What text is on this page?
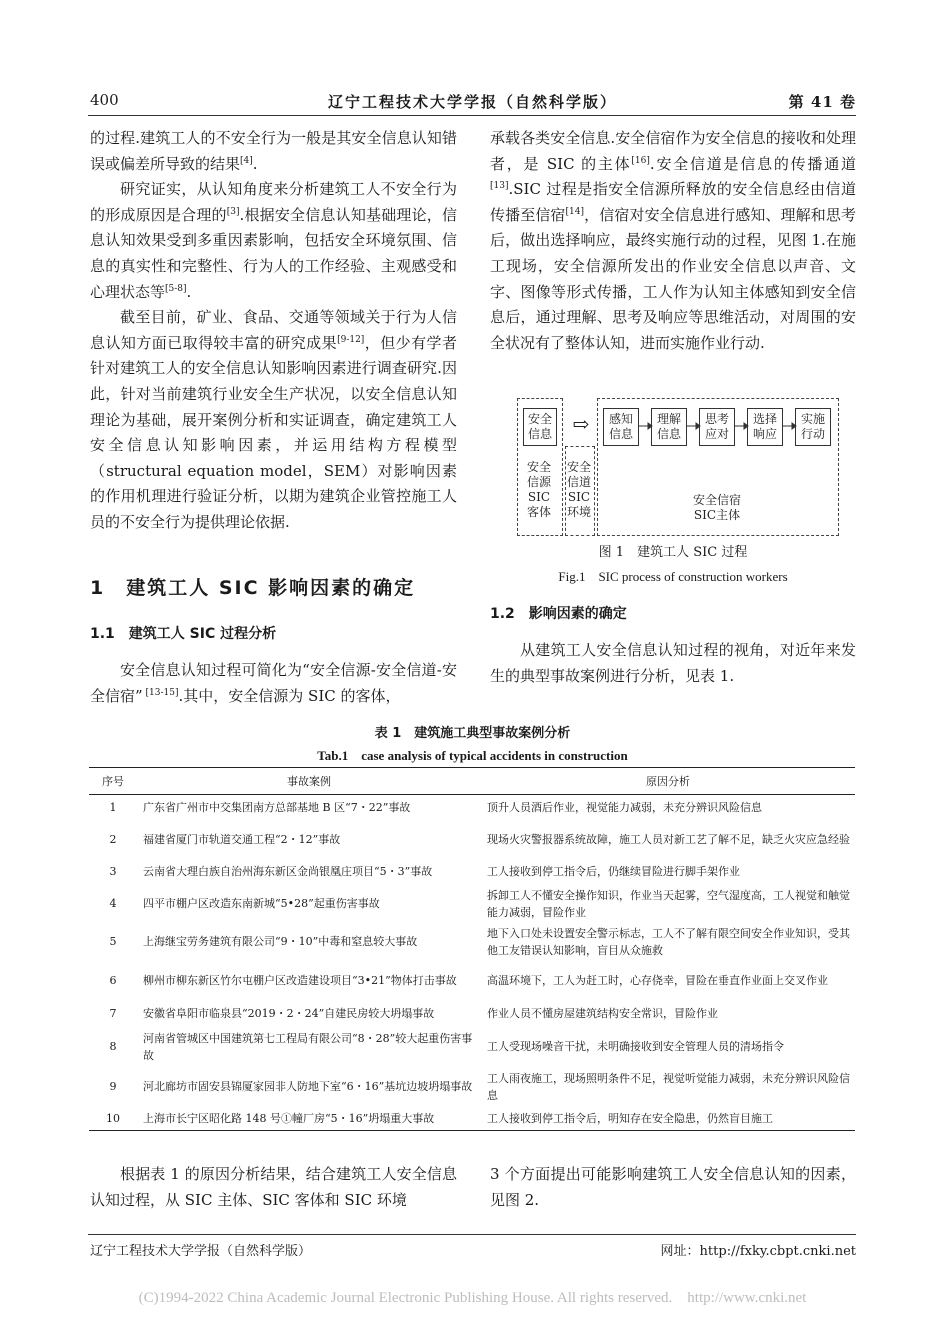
400	辽宁工程技术大学学报（自然科学版）	第 41 卷

的过程.建筑工人的不安全行为一般是其安全信息认知错误或偏差所导致的结果[4].

研究证实，从认知角度来分析建筑工人不安全行为的形成原因是合理的[3].根据安全信息认知基础理论，信息认知效果受到多重因素影响，包括安全环境氛围、信息的真实性和完整性、行为人的工作经验、主观感受和心理状态等[5-8].

截至目前，矿业、食品、交通等领域关于行为人信息认知方面已取得较丰富的研究成果[9-12]，但少有学者针对建筑工人的安全信息认知影响因素进行调查研究.因此，针对当前建筑行业安全生产状况，以安全信息认知理论为基础，展开案例分析和实证调查，确定建筑工人安全信息认知影响因素，并运用结构方程模型（structural equation model，SEM）对影响因素的作用机理进行验证分析，以期为建筑企业管控施工人员的不安全行为提供理论依据.

1　建筑工人 SIC 影响因素的确定
1.1　建筑工人 SIC 过程分析

安全信息认知过程可简化为“安全信源-安全信道-安全信宿” [13-15].其中，安全信源为 SIC 的客体，

承载各类安全信息.安全信宿作为安全信息的接收和处理者，是 SIC 的主体[16].安全信道是信息的传播通道[13].SIC 过程是指安全信源所释放的安全信息经由信道传播至信宿[14]，信宿对安全信息进行感知、理解和思考后，做出选择响应，最终实施行动的过程，见图 1.在施工现场，安全信源所发出的作业安全信息以声音、文字、图像等形式传播，工人作为认知主体感知到安全信息后，通过理解、思考及响应等思维活动，对周围的安全状况有了整体认知，进而实施作业行动.

安全
信息 ⇨	感知
信息
理解
信息
思考
应对
选择
响应
实施
行动
安全
信源
SIC
客体
安全
信道
SIC
环境
安全信宿
SIC主体
图 1　建筑工人 SIC 过程
Fig.1　SIC process of construction workers
1.2　影响因素的确定

从建筑工人安全信息认知过程的视角，对近年来发生的典型事故案例进行分析，见表 1.

表 1　建筑施工典型事故案例分析
Tab.1　case analysis of typical accidents in construction
序号	事故案例	原因分析
1	广东省广州市中交集团南方总部基地 B 区“7・22”事故	顶升人员酒后作业，视觉能力减弱，未充分辨识风险信息
2	福建省厦门市轨道交通工程“2・12”事故	现场火灾警报器系统故障，施工人员对新工艺了解不足，缺乏火灾应急经验
3	云南省大理白族自治州海东新区金尚银凰庄项目“5・3”事故	工人接收到停工指令后，仍继续冒险进行脚手架作业
4	四平市棚户区改造东南新城“5•28”起重伤害事故	拆卸工人不懂安全操作知识，作业当天起雾，空气湿度高，工人视觉和触觉能力减弱，冒险作业
5	上海继宝劳务建筑有限公司“9・10”中毒和窒息较大事故	地下入口处未设置安全警示标志，工人不了解有限空间安全作业知识，受其他工友错误认知影响，盲目从众施救
6	柳州市柳东新区竹尔屯棚户区改造建设项目“3•21”物体打击事故	高温环境下，工人为赶工时，心存侥幸，冒险在垂直作业面上交叉作业
7	安徽省阜阳市临泉县“2019・2・24”自建民房较大坍塌事故	作业人员不懂房屋建筑结构安全常识，冒险作业
8	河南省管城区中国建筑第七工程局有限公司“8・28”较大起重伤害事故	工人受现场噪音干扰，未明确接收到安全管理人员的清场指令
9	河北廊坊市固安县锦厦家园非人防地下室“6・16”基坑边坡坍塌事故	工人雨夜施工，现场照明条件不足，视觉听觉能力减弱，未充分辨识风险信息
10	上海市长宁区昭化路 148 号①幢厂房“5・16”坍塌重大事故	工人接收到停工指令后，明知存在安全隐患，仍然盲目施工

根据表 1 的原因分析结果，结合建筑工人安全信息认知过程，从 SIC 主体、SIC 客体和 SIC 环境

3 个方面提出可能影响建筑工人安全信息认知的因素，见图 2.

辽宁工程技术大学学报（自然科学版）	网址：http://fxky.cbpt.cnki.net
(C)1994-2022 China Academic Journal Electronic Publishing House. All rights reserved.    http://www.cnki.net
